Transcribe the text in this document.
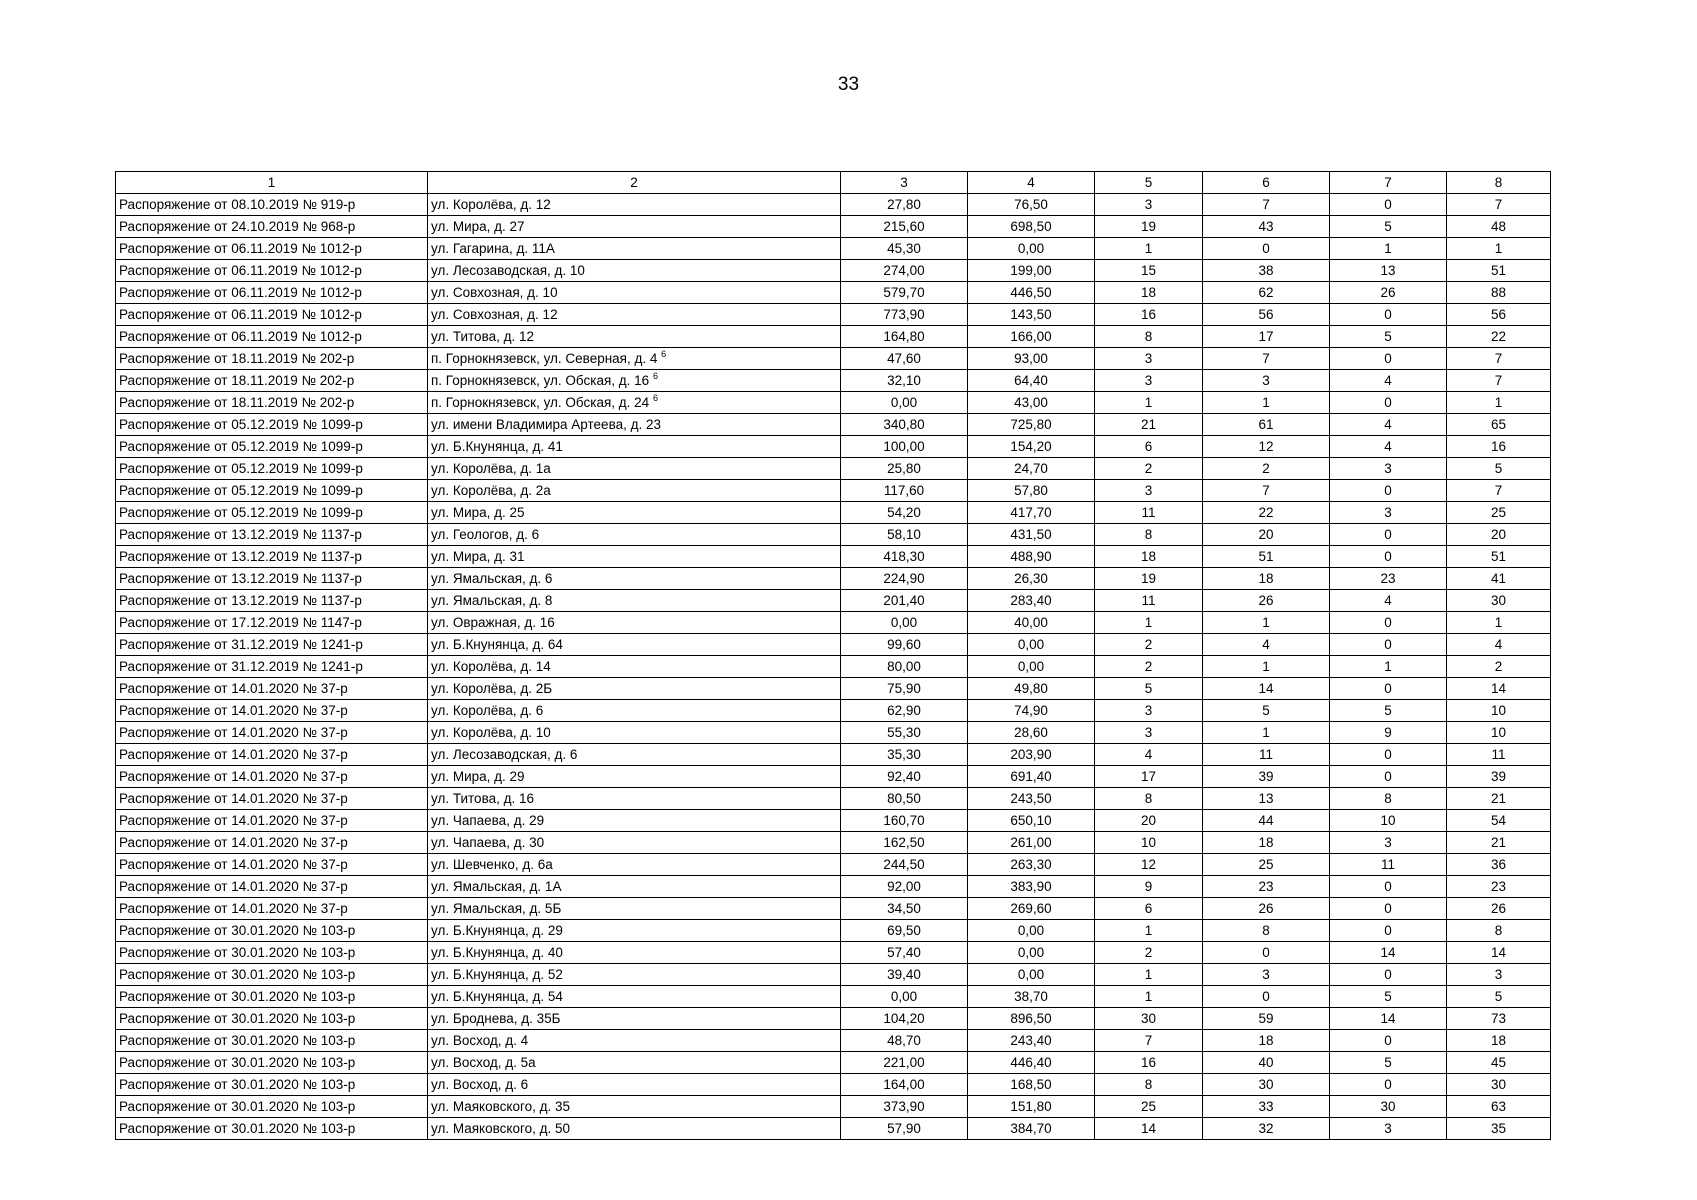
33
1	2	3	4	5	6	7	8
Распоряжение от 08.10.2019 № 919-р	ул. Королёва, д. 12	27,80	76,50	3	7	0	7
Распоряжение от 24.10.2019 № 968-р	ул. Мира, д. 27	215,60	698,50	19	43	5	48
Распоряжение от 06.11.2019 № 1012-р	ул. Гагарина, д. 11А	45,30	0,00	1	0	1	1
Распоряжение от 06.11.2019 № 1012-р	ул. Лесозаводская, д. 10	274,00	199,00	15	38	13	51
Распоряжение от 06.11.2019 № 1012-р	ул. Совхозная, д. 10	579,70	446,50	18	62	26	88
Распоряжение от 06.11.2019 № 1012-р	ул. Совхозная, д. 12	773,90	143,50	16	56	0	56
Распоряжение от 06.11.2019 № 1012-р	ул. Титова, д. 12	164,80	166,00	8	17	5	22
Распоряжение от 18.11.2019 № 202-р	п. Горнокнязевск, ул. Северная, д. 4 $^6$	47,60	93,00	3	7	0	7
Распоряжение от 18.11.2019 № 202-р	п. Горнокнязевск, ул. Обская, д. 16 $^6$	32,10	64,40	3	3	4	7
Распоряжение от 18.11.2019 № 202-р	п. Горнокнязевск, ул. Обская, д. 24 $^6$	0,00	43,00	1	1	0	1
Распоряжение от 05.12.2019 № 1099-р	ул. имени Владимира Артеева, д. 23	340,80	725,80	21	61	4	65
Распоряжение от 05.12.2019 № 1099-р	ул. Б.Кнунянца, д. 41	100,00	154,20	6	12	4	16
Распоряжение от 05.12.2019 № 1099-р	ул. Королёва, д. 1а	25,80	24,70	2	2	3	5
Распоряжение от 05.12.2019 № 1099-р	ул. Королёва, д. 2а	117,60	57,80	3	7	0	7
Распоряжение от 05.12.2019 № 1099-р	ул. Мира, д. 25	54,20	417,70	11	22	3	25
Распоряжение от 13.12.2019 № 1137-р	ул. Геологов, д. 6	58,10	431,50	8	20	0	20
Распоряжение от 13.12.2019 № 1137-р	ул. Мира, д. 31	418,30	488,90	18	51	0	51
Распоряжение от 13.12.2019 № 1137-р	ул. Ямальская, д. 6	224,90	26,30	19	18	23	41
Распоряжение от 13.12.2019 № 1137-р	ул. Ямальская, д. 8	201,40	283,40	11	26	4	30
Распоряжение от 17.12.2019 № 1147-р	ул. Овражная, д. 16	0,00	40,00	1	1	0	1
Распоряжение от 31.12.2019 № 1241-р	ул. Б.Кнунянца, д. 64	99,60	0,00	2	4	0	4
Распоряжение от 31.12.2019 № 1241-р	ул. Королёва, д. 14	80,00	0,00	2	1	1	2
Распоряжение от 14.01.2020 № 37-р	ул. Королёва, д. 2Б	75,90	49,80	5	14	0	14
Распоряжение от 14.01.2020 № 37-р	ул. Королёва, д. 6	62,90	74,90	3	5	5	10
Распоряжение от 14.01.2020 № 37-р	ул. Королёва, д. 10	55,30	28,60	3	1	9	10
Распоряжение от 14.01.2020 № 37-р	ул. Лесозаводская, д. 6	35,30	203,90	4	11	0	11
Распоряжение от 14.01.2020 № 37-р	ул. Мира, д. 29	92,40	691,40	17	39	0	39
Распоряжение от 14.01.2020 № 37-р	ул. Титова, д. 16	80,50	243,50	8	13	8	21
Распоряжение от 14.01.2020 № 37-р	ул. Чапаева, д. 29	160,70	650,10	20	44	10	54
Распоряжение от 14.01.2020 № 37-р	ул. Чапаева, д. 30	162,50	261,00	10	18	3	21
Распоряжение от 14.01.2020 № 37-р	ул. Шевченко, д. 6а	244,50	263,30	12	25	11	36
Распоряжение от 14.01.2020 № 37-р	ул. Ямальская, д. 1А	92,00	383,90	9	23	0	23
Распоряжение от 14.01.2020 № 37-р	ул. Ямальская, д. 5Б	34,50	269,60	6	26	0	26
Распоряжение от 30.01.2020 № 103-р	ул. Б.Кнунянца, д. 29	69,50	0,00	1	8	0	8
Распоряжение от 30.01.2020 № 103-р	ул. Б.Кнунянца, д. 40	57,40	0,00	2	0	14	14
Распоряжение от 30.01.2020 № 103-р	ул. Б.Кнунянца, д. 52	39,40	0,00	1	3	0	3
Распоряжение от 30.01.2020 № 103-р	ул. Б.Кнунянца, д. 54	0,00	38,70	1	0	5	5
Распоряжение от 30.01.2020 № 103-р	ул. Броднева, д. 35Б	104,20	896,50	30	59	14	73
Распоряжение от 30.01.2020 № 103-р	ул. Восход, д. 4	48,70	243,40	7	18	0	18
Распоряжение от 30.01.2020 № 103-р	ул. Восход, д. 5а	221,00	446,40	16	40	5	45
Распоряжение от 30.01.2020 № 103-р	ул. Восход, д. 6	164,00	168,50	8	30	0	30
Распоряжение от 30.01.2020 № 103-р	ул. Маяковского, д. 35	373,90	151,80	25	33	30	63
Распоряжение от 30.01.2020 № 103-р	ул. Маяковского, д. 50	57,90	384,70	14	32	3	35
